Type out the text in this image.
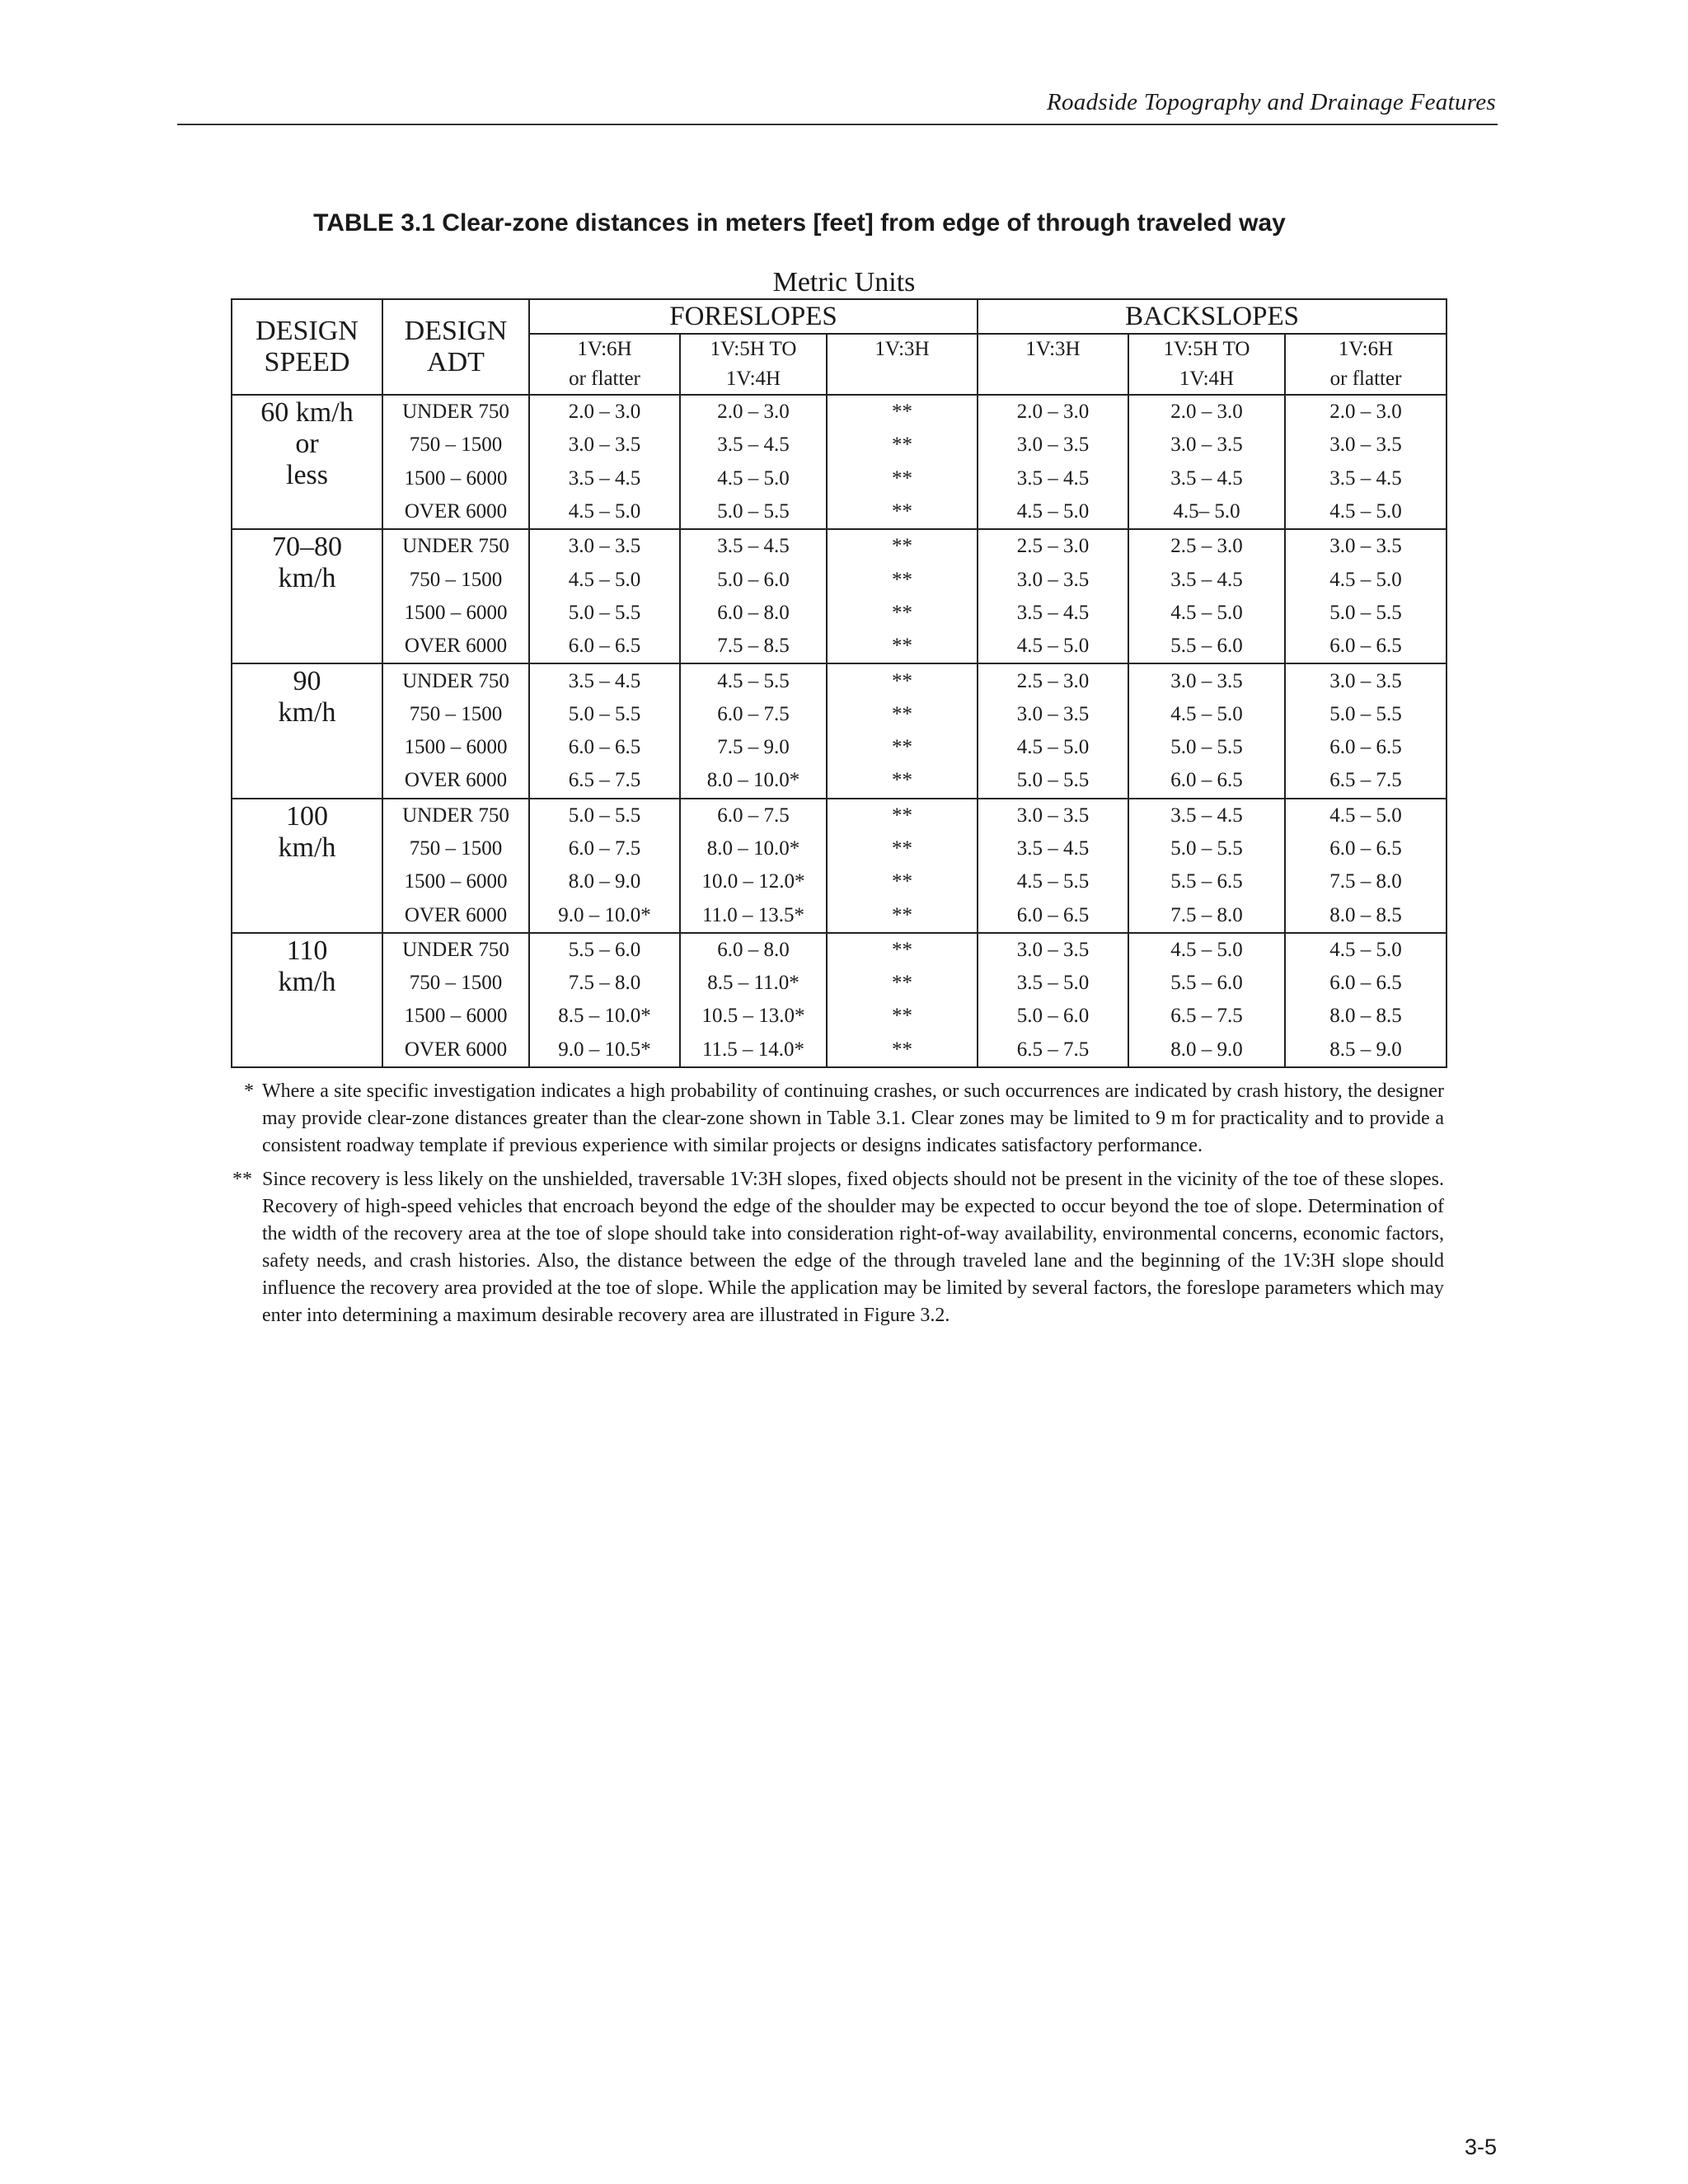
Roadside Topography and Drainage Features
TABLE 3.1 Clear-zone distances in meters [feet] from edge of through traveled way
Metric Units
DESIGN
SPEED	DESIGN
ADT	FORESLOPES			BACKSLOPES		
		1V:6H	1V:5H TO	1V:3H	1V:3H	1V:5H TO	1V:6H
		or flatter	1V:4H			1V:4H	or flatter
60 km/h
or
less	UNDER 750	2.0 – 3.0	2.0 – 3.0	**	2.0 – 3.0	2.0 – 3.0	2.0 – 3.0
	750 – 1500	3.0 – 3.5	3.5 – 4.5	**	3.0 – 3.5	3.0 – 3.5	3.0 – 3.5
	1500 – 6000	3.5 – 4.5	4.5 – 5.0	**	3.5 – 4.5	3.5 – 4.5	3.5 – 4.5
	OVER 6000	4.5 – 5.0	5.0 – 5.5	**	4.5 – 5.0	4.5– 5.0	4.5 – 5.0
70–80
km/h	UNDER 750	3.0 – 3.5	3.5 – 4.5	**	2.5 – 3.0	2.5 – 3.0	3.0 – 3.5
	750 – 1500	4.5 – 5.0	5.0 – 6.0	**	3.0 – 3.5	3.5 – 4.5	4.5 – 5.0
	1500 – 6000	5.0 – 5.5	6.0 – 8.0	**	3.5 – 4.5	4.5 – 5.0	5.0 – 5.5
	OVER 6000	6.0 – 6.5	7.5 – 8.5	**	4.5 – 5.0	5.5 – 6.0	6.0 – 6.5
90
km/h	UNDER 750	3.5 – 4.5	4.5 – 5.5	**	2.5 – 3.0	3.0 – 3.5	3.0 – 3.5
	750 – 1500	5.0 – 5.5	6.0 – 7.5	**	3.0 – 3.5	4.5 – 5.0	5.0 – 5.5
	1500 – 6000	6.0 – 6.5	7.5 – 9.0	**	4.5 – 5.0	5.0 – 5.5	6.0 – 6.5
	OVER 6000	6.5 – 7.5	8.0 – 10.0*	**	5.0 – 5.5	6.0 – 6.5	6.5 – 7.5
100
km/h	UNDER 750	5.0 – 5.5	6.0 – 7.5	**	3.0 – 3.5	3.5 – 4.5	4.5 – 5.0
	750 – 1500	6.0 – 7.5	8.0 – 10.0*	**	3.5 – 4.5	5.0 – 5.5	6.0 – 6.5
	1500 – 6000	8.0 – 9.0	10.0 – 12.0*	**	4.5 – 5.5	5.5 – 6.5	7.5 – 8.0
	OVER 6000	9.0 – 10.0*	11.0 – 13.5*	**	6.0 – 6.5	7.5 – 8.0	8.0 – 8.5
110
km/h	UNDER 750	5.5 – 6.0	6.0 – 8.0	**	3.0 – 3.5	4.5 – 5.0	4.5 – 5.0
	750 – 1500	7.5 – 8.0	8.5 – 11.0*	**	3.5 – 5.0	5.5 – 6.0	6.0 – 6.5
	1500 – 6000	8.5 – 10.0*	10.5 – 13.0*	**	5.0 – 6.0	6.5 – 7.5	8.0 – 8.5
	OVER 6000	9.0 – 10.5*	11.5 – 14.0*	**	6.5 – 7.5	8.0 – 9.0	8.5 – 9.0
* Where a site specific investigation indicates a high probability of continuing crashes, or such occurrences are indicated by crash history, the designer may provide clear-zone distances greater than the clear-zone shown in Table 3.1. Clear zones may be limited to 9 m for practicality and to provide a consistent roadway template if previous experience with similar projects or designs indicates satisfactory performance.
** Since recovery is less likely on the unshielded, traversable 1V:3H slopes, fixed objects should not be present in the vicinity of the toe of these slopes. Recovery of high-speed vehicles that encroach beyond the edge of the shoulder may be expected to occur beyond the toe of slope. Determination of the width of the recovery area at the toe of slope should take into consideration right-of-way availability, environmental concerns, economic factors, safety needs, and crash histories. Also, the distance between the edge of the through traveled lane and the beginning of the 1V:3H slope should influence the recovery area provided at the toe of slope. While the application may be limited by several factors, the foreslope parameters which may enter into determining a maximum desirable recovery area are illustrated in Figure 3.2.
3-5
